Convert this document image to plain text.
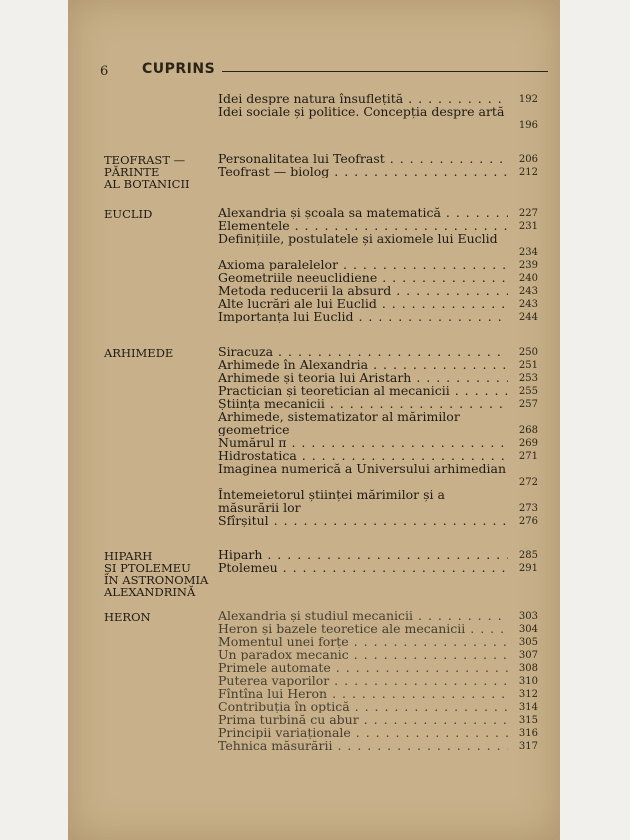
6 CUPRINS
Idei despre natura însuflețită . . .	192
Idei sociale și politice. Concepția despre artă
196
TEOFRAST —
PĂRINTE
AL BOTANICII
Personalitatea lui Teofrast . . .	206
Teofrast — biolog . . .	212
EUCLID	Alexandria și școala sa matematică . . .	227
Elementele . . .	231
Definițiile, postulatele și axiomele lui Euclid
234
Axioma paralelelor . . .	239
Geometriile neeuclidiene . . .	240
Metoda reducerii la absurd . . .	243
Alte lucrări ale lui Euclid . . .	243
Importanța lui Euclid . . .	244
ARHIMEDE	Siracuza . . .	250
Arhimede în Alexandria . . .	251
Arhimede și teoria lui Aristarh . . .	253
Practician și teoretician al mecanicii . . .	255
Știința mecanicii . . .	257
Arhimede, sistematizator al mărimilor geometrice	268
Numărul π . . .	269
Hidrostatica . . .	271
Imaginea numerică a Universului arhimedian
272
Întemeietorul științei mărimilor și a măsurării lor	273
Sfîrșitul . . .	276
HIPARH
ȘI PTOLEMEU
ÎN ASTRONOMIA
ALEXANDRINĂ
Hiparh . . .	285
Ptolemeu . . .	291
HERON	Alexandria și studiul mecanicii . . .	303
Heron și bazele teoretice ale mecanicii . . .	304
Momentul unei forțe . . .	305
Un paradox mecanic . . .	307
Primele automate . . .	308
Puterea vaporilor . . .	310
Fîntîna lui Heron . . .	312
Contribuția în optică . . .	314
Prima turbină cu abur . . .	315
Principii variaționale . . .	316
Tehnica măsurării . . .	317
